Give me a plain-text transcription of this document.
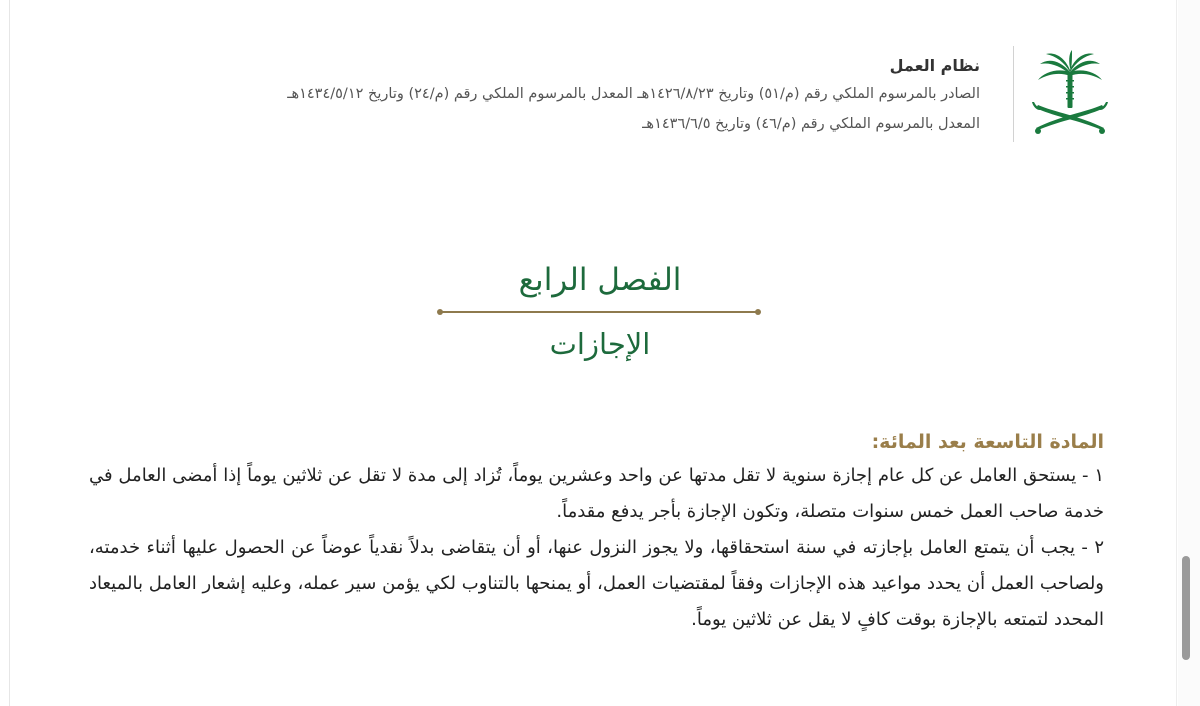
نظام العمل
الصادر بالمرسوم الملكي رقم (م/٥١) وتاريخ ١٤٢٦/٨/٢٣هـ المعدل بالمرسوم الملكي رقم (م/٢٤) وتاريخ ١٤٣٤/٥/١٢هـ
المعدل بالمرسوم الملكي رقم (م/٤٦) وتاريخ ١٤٣٦/٦/٥هـ
الفصل الرابع
الإجازات
المادة التاسعة بعد المائة:
١ - يستحق العامل عن كل عام إجازة سنوية لا تقل مدتها عن واحد وعشرين يوماً، تُزاد إلى مدة لا تقل عن ثلاثين يوماً إذا أمضى العامل في خدمة صاحب العمل خمس سنوات متصلة، وتكون الإجازة بأجر يدفع مقدماً.
٢ - يجب أن يتمتع العامل بإجازته في سنة استحقاقها، ولا يجوز النزول عنها، أو أن يتقاضى بدلاً نقدياً عوضاً عن الحصول عليها أثناء خدمته، ولصاحب العمل أن يحدد مواعيد هذه الإجازات وفقاً لمقتضيات العمل، أو يمنحها بالتناوب لكي يؤمن سير عمله، وعليه إشعار العامل بالميعاد المحدد لتمتعه بالإجازة بوقت كافٍ لا يقل عن ثلاثين يوماً.
